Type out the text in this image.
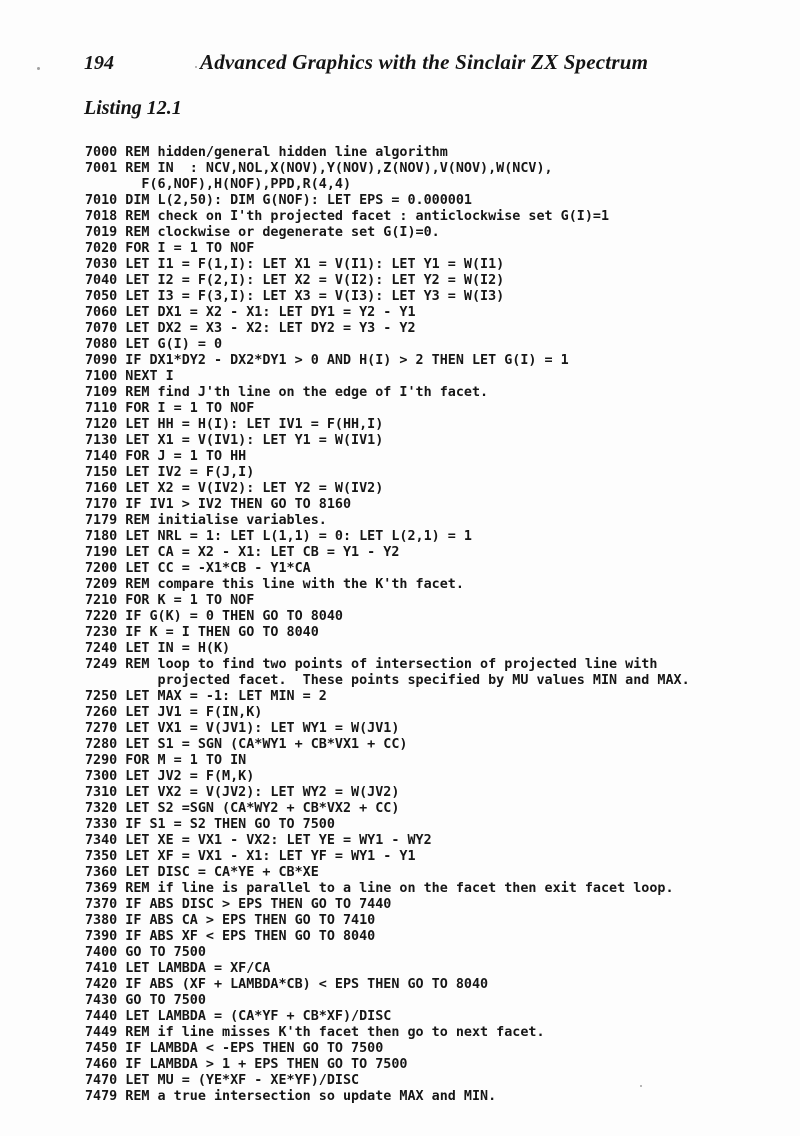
194	Advanced Graphics with the Sinclair ZX Spectrum
Listing 12.1
7000 REM hidden/general hidden line algorithm
7001 REM IN  : NCV,NOL,X(NOV),Y(NOV),Z(NOV),V(NOV),W(NCV),
F(6,NOF),H(NOF),PPD,R(4,4)
7010 DIM L(2,50): DIM G(NOF): LET EPS = 0.000001
7018 REM check on I'th projected facet : anticlockwise set G(I)=1
7019 REM clockwise or degenerate set G(I)=0.
7020 FOR I = 1 TO NOF
7030 LET I1 = F(1,I): LET X1 = V(I1): LET Y1 = W(I1)
7040 LET I2 = F(2,I): LET X2 = V(I2): LET Y2 = W(I2)
7050 LET I3 = F(3,I): LET X3 = V(I3): LET Y3 = W(I3)
7060 LET DX1 = X2 - X1: LET DY1 = Y2 - Y1
7070 LET DX2 = X3 - X2: LET DY2 = Y3 - Y2
7080 LET G(I) = 0
7090 IF DX1*DY2 - DX2*DY1 > 0 AND H(I) > 2 THEN LET G(I) = 1
7100 NEXT I
7109 REM find J'th line on the edge of I'th facet.
7110 FOR I = 1 TO NOF
7120 LET HH = H(I): LET IV1 = F(HH,I)
7130 LET X1 = V(IV1): LET Y1 = W(IV1)
7140 FOR J = 1 TO HH
7150 LET IV2 = F(J,I)
7160 LET X2 = V(IV2): LET Y2 = W(IV2)
7170 IF IV1 > IV2 THEN GO TO 8160
7179 REM initialise variables.
7180 LET NRL = 1: LET L(1,1) = 0: LET L(2,1) = 1
7190 LET CA = X2 - X1: LET CB = Y1 - Y2
7200 LET CC = -X1*CB - Y1*CA
7209 REM compare this line with the K'th facet.
7210 FOR K = 1 TO NOF
7220 IF G(K) = 0 THEN GO TO 8040
7230 IF K = I THEN GO TO 8040
7240 LET IN = H(K)
7249 REM loop to find two points of intersection of projected line with
projected facet.  These points specified by MU values MIN and MAX.
7250 LET MAX = -1: LET MIN = 2
7260 LET JV1 = F(IN,K)
7270 LET VX1 = V(JV1): LET WY1 = W(JV1)
7280 LET S1 = SGN (CA*WY1 + CB*VX1 + CC)
7290 FOR M = 1 TO IN
7300 LET JV2 = F(M,K)
7310 LET VX2 = V(JV2): LET WY2 = W(JV2)
7320 LET S2 =SGN (CA*WY2 + CB*VX2 + CC)
7330 IF S1 = S2 THEN GO TO 7500
7340 LET XE = VX1 - VX2: LET YE = WY1 - WY2
7350 LET XF = VX1 - X1: LET YF = WY1 - Y1
7360 LET DISC = CA*YE + CB*XE
7369 REM if line is parallel to a line on the facet then exit facet loop.
7370 IF ABS DISC > EPS THEN GO TO 7440
7380 IF ABS CA > EPS THEN GO TO 7410
7390 IF ABS XF < EPS THEN GO TO 8040
7400 GO TO 7500
7410 LET LAMBDA = XF/CA
7420 IF ABS (XF + LAMBDA*CB) < EPS THEN GO TO 8040
7430 GO TO 7500
7440 LET LAMBDA = (CA*YF + CB*XF)/DISC
7449 REM if line misses K'th facet then go to next facet.
7450 IF LAMBDA < -EPS THEN GO TO 7500
7460 IF LAMBDA > 1 + EPS THEN GO TO 7500
7470 LET MU = (YE*XF - XE*YF)/DISC
7479 REM a true intersection so update MAX and MIN.
